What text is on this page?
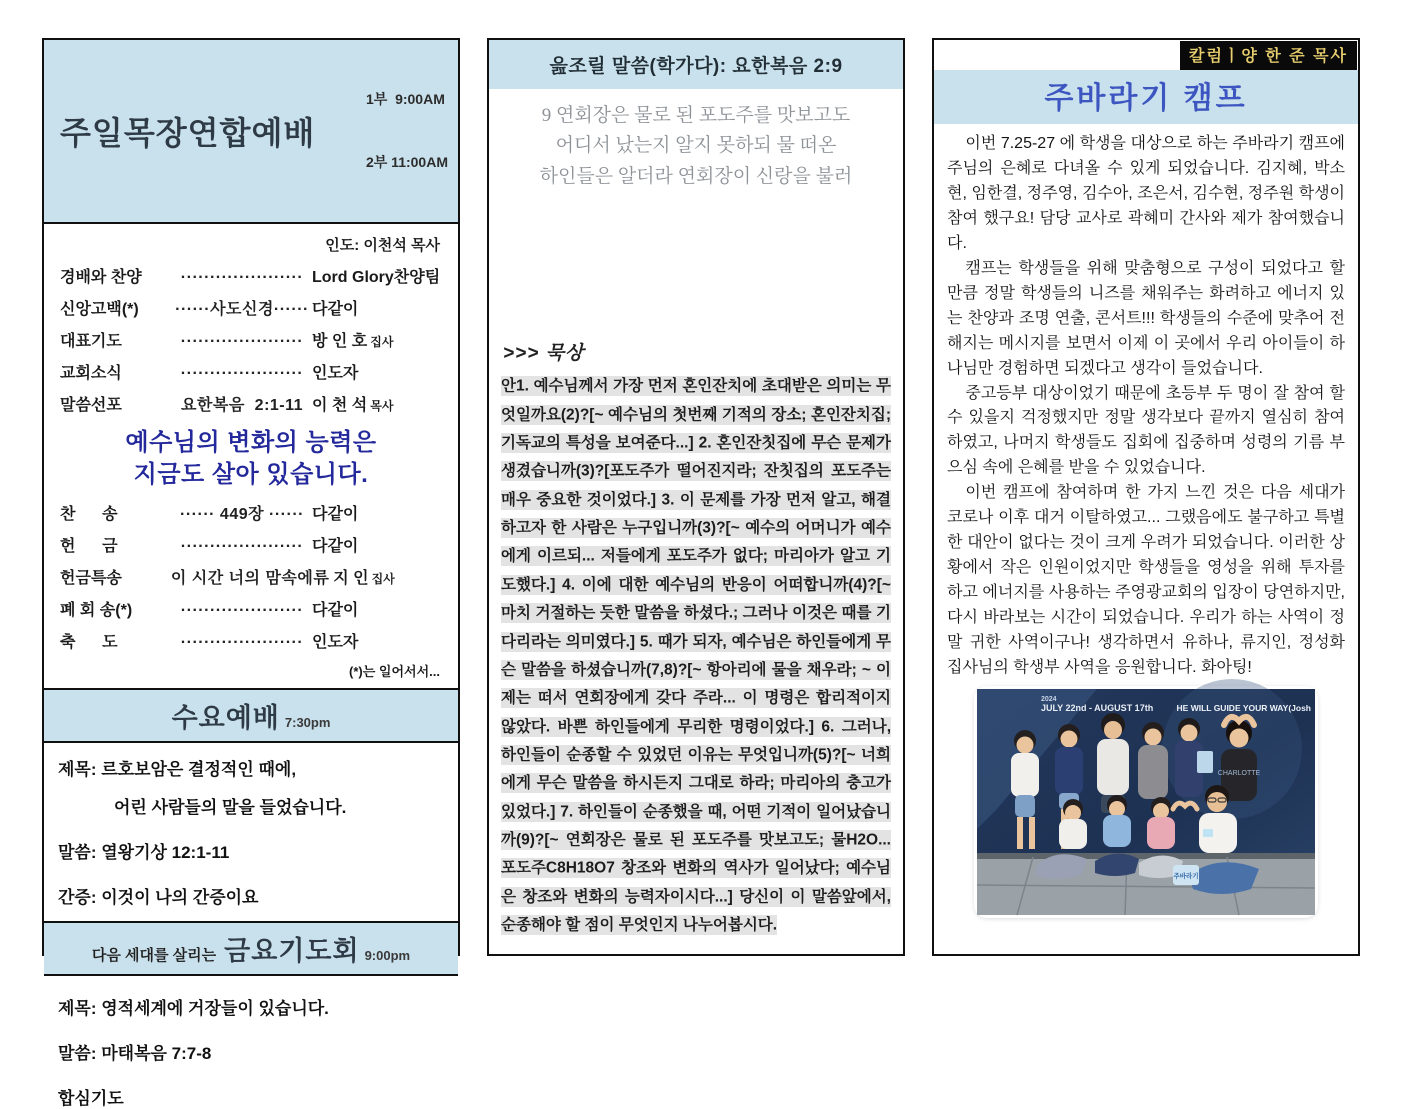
주일목장연합예배

1부  9:00AM

2부 11:00AM

인도: 이천석 목사
경배와 찬양	····················· Lord Glory찬양팀
신앙고백(*)	······사도신경······ 다같이
대표기도	····················· 방 인 호 집사
교회소식	····················· 인도자
말씀선포	요한복음  2:1-11 이 천 석 목사
예수님의 변화의 능력은
지금도 살아 있습니다.
찬      송	······ 449장 ······ 다같이
헌      금	····················· 다같이
헌금특송	이 시간 너의 맘속에 류 지 인 집사
폐 회 송(*)	····················· 다같이
축      도	····················· 인도자
(*)는 일어서서...
수요예배 7:30pm
제목: 르호보암은 결정적인 때에,
어린 사람들의 말을 들었습니다.
말씀: 열왕기상 12:1-11
간증: 이것이 나의 간증이요
다음 세대를 살리는 금요기도회 9:00pm
제목: 영적세계에 거장들이 있습니다.
말씀: 마태복음 7:7-8
합심기도
읊조릴 말씀(학가다): 요한복음 2:9
9 연회장은 물로 된 포도주를 맛보고도
어디서 났는지 알지 못하되 물 떠온
하인들은 알더라 연회장이 신랑을 불러
>>> 묵상
안1. 예수님께서 가장 먼저 혼인잔치에 초대받은 의미는 무엇일까요(2)?[~ 예수님의 첫번째 기적의 장소; 혼인잔치집; 기독교의 특성을 보여준다...] 2. 혼인잔칫집에 무슨 문제가 생겼습니까(3)?[포도주가 떨어진지라; 잔칫집의 포도주는 매우 중요한 것이었다.] 3. 이 문제를 가장 먼저 알고, 해결하고자 한 사람은 누구입니까(3)?[~ 예수의 어머니가 예수에게 이르되... 저들에게 포도주가 없다; 마리아가 알고 기도했다.] 4. 이에 대한 예수님의 반응이 어떠합니까(4)?[~ 마치 거절하는 듯한 말씀을 하셨다.; 그러나 이것은 때를 기다리라는 의미였다.] 5. 때가 되자, 예수님은 하인들에게 무슨 말씀을 하셨습니까(7,8)?[~ 항아리에 물을 채우라; ~ 이제는 떠서 연회장에게 갖다 주라... 이 명령은 합리적이지 않았다. 바쁜 하인들에게 무리한 명령이었다.] 6. 그러나, 하인들이 순종할 수 있었던 이유는 무엇입니까(5)?[~ 너희에게 무슨 말씀을 하시든지 그대로 하라; 마리아의 충고가 있었다.] 7. 하인들이 순종했을 때, 어떤 기적이 일어났습니까(9)?[~ 연회장은 물로 된 포도주를 맛보고도; 물H2O... 포도주C8H18O7 창조와 변화의 역사가 일어났다; 예수님은 창조와 변화의 능력자이시다...] 당신이 이 말씀앞에서, 순종해야 할 점이 무엇인지 나누어봅시다.
칼럼ㅣ양 한 준 목사
주바라기 캠프

이번 7.25-27 에 학생을 대상으로 하는 주바라기 캠프에 주님의 은혜로 다녀올 수 있게 되었습니다. 김지혜, 박소현, 임한결, 정주영, 김수아, 조은서, 김수현, 정주원 학생이 참여 했구요! 담당 교사로 곽혜미 간사와 제가 참여했습니다.

캠프는 학생들을 위해 맞춤형으로 구성이 되었다고 할 만큼 정말 학생들의 니즈를 채워주는 화려하고 에너지 있는 찬양과 조명 연출, 콘서트!!! 학생들의 수준에 맞추어 전해지는 메시지를 보면서 이제 이 곳에서 우리 아이들이 하나님만 경험하면 되겠다고 생각이 들었습니다.

중고등부 대상이었기 때문에 초등부 두 명이 잘 참여 할 수 있을지 걱정했지만 정말 생각보다 끝까지 열심히 참여하였고, 나머지 학생들도 집회에 집중하며 성령의 기름 부으심 속에 은혜를 받을 수 있었습니다.

이번 캠프에 참여하며 한 가지 느낀 것은 다음 세대가 코로나 이후 대거 이탈하였고... 그랬음에도 불구하고 특별한 대안이 없다는 것이 크게 우려가 되었습니다. 이러한 상황에서 작은 인원이었지만 학생들을 영성을 위해 투자를 하고 에너지를 사용하는 주영광교회의 입장이 당연하지만, 다시 바라보는 시간이 되었습니다. 우리가 하는 사역이 정말 귀한 사역이구나! 생각하면서 유하나, 류지인, 정성화 집사님의 학생부 사역을 응원합니다. 화아팅!

2024
JULY 22nd - AUGUST 17th	HE WILL GUIDE YOUR WAY(Josh
CHARLOTTE
주바라기
